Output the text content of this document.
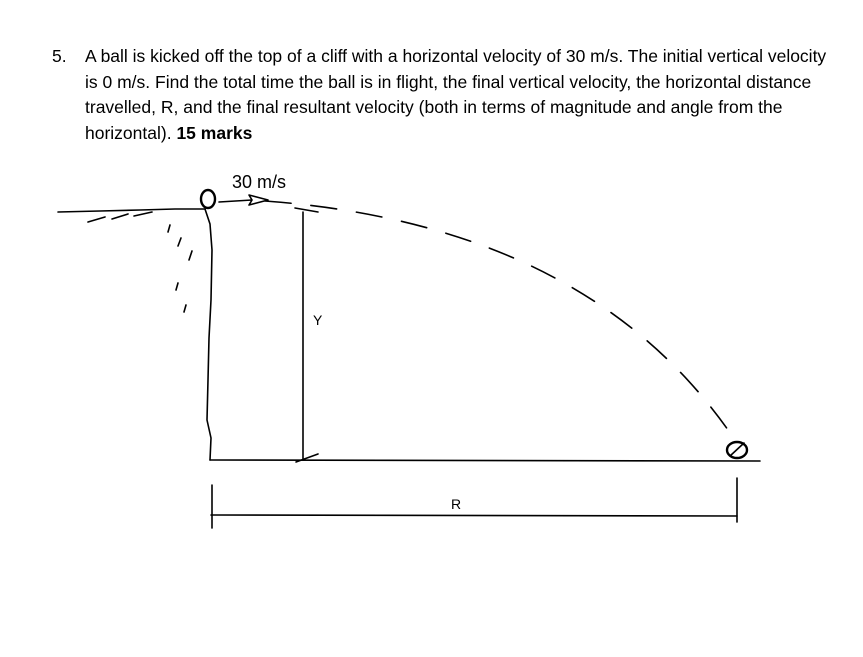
5.	A ball is kicked off the top of a cliff with a horizontal velocity of 30 m/s. The initial vertical velocity is 0 m/s. Find the total time the ball is in flight, the final vertical velocity, the horizontal distance travelled, R, and the final resultant velocity (both in terms of magnitude and angle from the horizontal). 15 marks
30 m/s
Y
R
